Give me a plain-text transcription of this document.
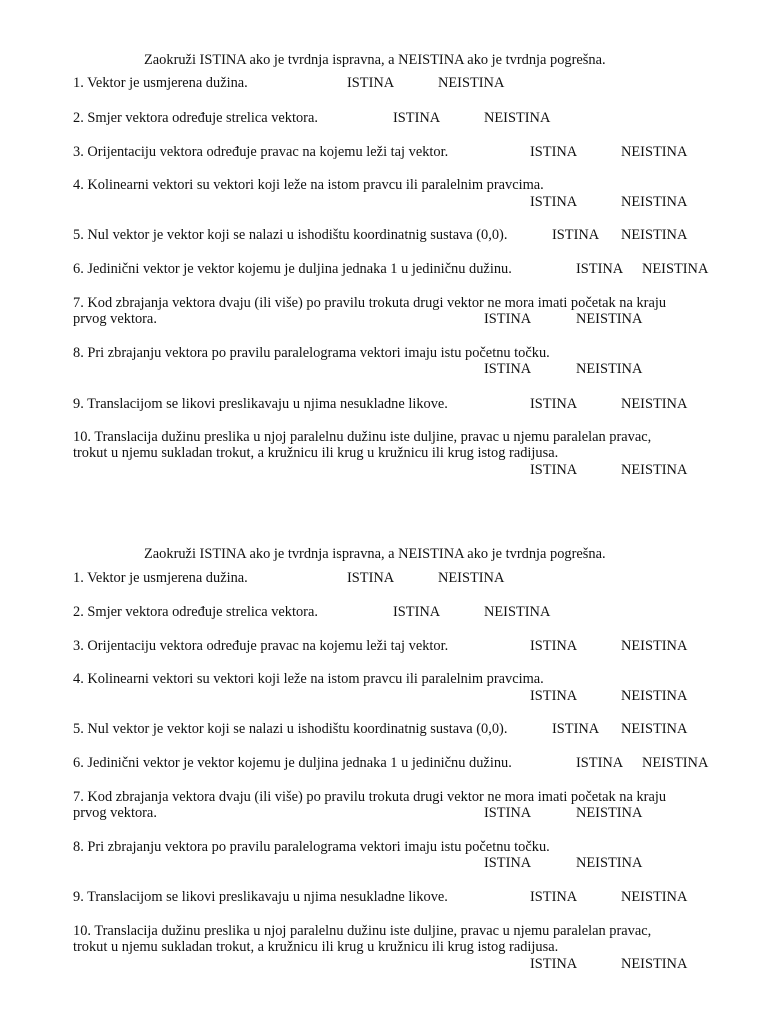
Zaokruži ISTINA ako je tvrdnja ispravna, a NEISTINA ako je tvrdnja pogrešna.
1. Vektor je usmjerena dužina.	ISTINA	NEISTINA
2. Smjer vektora određuje strelica vektora.	ISTINA	NEISTINA
3. Orijentaciju vektora određuje pravac na kojemu leži taj vektor.	ISTINA	NEISTINA
4. Kolinearni vektori su vektori koji leže na istom pravcu ili paralelnim pravcima.
ISTINA	NEISTINA
5. Nul vektor je vektor koji se nalazi u ishodištu koordinatnig sustava (0,0).	ISTINA NEISTINA
6. Jedinični vektor je vektor kojemu je duljina jednaka 1 u jediničnu dužinu.	ISTINA NEISTINA
7. Kod zbrajanja vektora dvaju (ili više) po pravilu trokuta drugi vektor ne mora imati početak na kraju
prvog vektora.	ISTINA	NEISTINA
8. Pri zbrajanju vektora po pravilu paralelograma vektori imaju istu početnu točku.
ISTINA	NEISTINA
9. Translacijom se likovi preslikavaju u njima nesukladne likove.	ISTINA	NEISTINA
10. Translacija dužinu preslika u njoj paralelnu dužinu iste duljine, pravac u njemu paralelan pravac,
trokut u njemu sukladan trokut, a kružnicu ili krug u kružnicu ili krug istog radijusa.
ISTINA	NEISTINA
Zaokruži ISTINA ako je tvrdnja ispravna, a NEISTINA ako je tvrdnja pogrešna.
1. Vektor je usmjerena dužina.	ISTINA	NEISTINA
2. Smjer vektora određuje strelica vektora.	ISTINA	NEISTINA
3. Orijentaciju vektora određuje pravac na kojemu leži taj vektor.	ISTINA	NEISTINA
4. Kolinearni vektori su vektori koji leže na istom pravcu ili paralelnim pravcima.
ISTINA	NEISTINA
5. Nul vektor je vektor koji se nalazi u ishodištu koordinatnig sustava (0,0).	ISTINA NEISTINA
6. Jedinični vektor je vektor kojemu je duljina jednaka 1 u jediničnu dužinu.	ISTINA NEISTINA
7. Kod zbrajanja vektora dvaju (ili više) po pravilu trokuta drugi vektor ne mora imati početak na kraju
prvog vektora.	ISTINA	NEISTINA
8. Pri zbrajanju vektora po pravilu paralelograma vektori imaju istu početnu točku.
ISTINA	NEISTINA
9. Translacijom se likovi preslikavaju u njima nesukladne likove.	ISTINA	NEISTINA
10. Translacija dužinu preslika u njoj paralelnu dužinu iste duljine, pravac u njemu paralelan pravac,
trokut u njemu sukladan trokut, a kružnicu ili krug u kružnicu ili krug istog radijusa.
ISTINA	NEISTINA
